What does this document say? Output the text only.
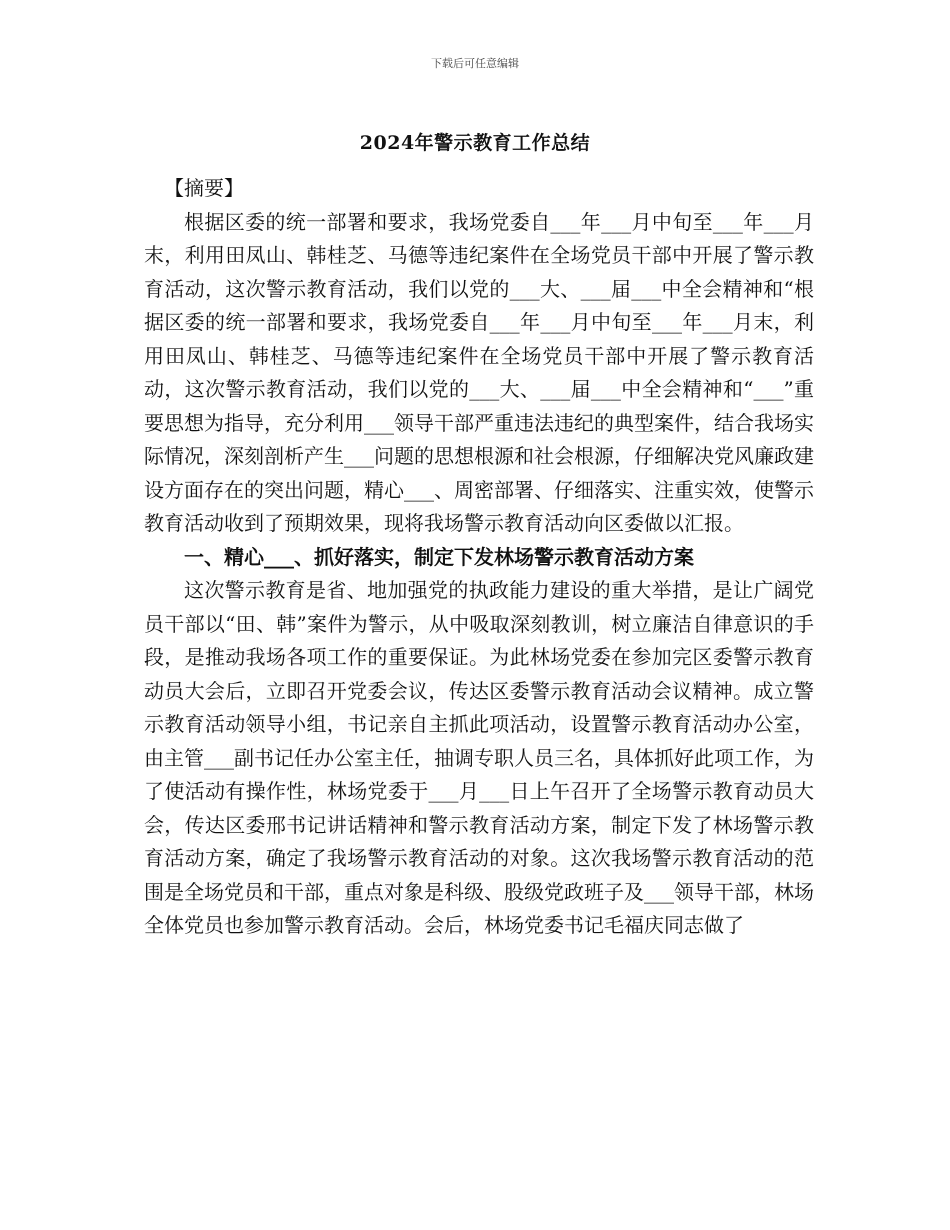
下载后可任意编辑
2024年警示教育工作总结

【摘要】

根据区委的统一部署和要求，我场党委自___年___月中旬至___年___月末，利用田凤山、韩桂芝、马德等违纪案件在全场党员干部中开展了警示教育活动，这次警示教育活动，我们以党的___大、___届___中全会精神和“根据区委的统一部署和要求，我场党委自___年___月中旬至___年___月末，利用田凤山、韩桂芝、马德等违纪案件在全场党员干部中开展了警示教育活动，这次警示教育活动，我们以党的___大、___届___中全会精神和“___”重要思想为指导，充分利用___领导干部严重违法违纪的典型案件，结合我场实际情况，深刻剖析产生___问题的思想根源和社会根源，仔细解决党风廉政建设方面存在的突出问题，精心___、周密部署、仔细落实、注重实效，使警示教育活动收到了预期效果，现将我场警示教育活动向区委做以汇报。

一、精心___、抓好落实，制定下发林场警示教育活动方案

这次警示教育是省、地加强党的执政能力建设的重大举措，是让广阔党员干部以“田、韩”案件为警示，从中吸取深刻教训，树立廉洁自律意识的手段，是推动我场各项工作的重要保证。为此林场党委在参加完区委警示教育动员大会后，立即召开党委会议，传达区委警示教育活动会议精神。成立警示教育活动领导小组，书记亲自主抓此项活动，设置警示教育活动办公室，由主管___副书记任办公室主任，抽调专职人员三名，具体抓好此项工作，为了使活动有操作性，林场党委于___月___日上午召开了全场警示教育动员大会，传达区委邢书记讲话精神和警示教育活动方案，制定下发了林场警示教育活动方案，确定了我场警示教育活动的对象。这次我场警示教育活动的范围是全场党员和干部，重点对象是科级、股级党政班子及___领导干部，林场全体党员也参加警示教育活动。会后，林场党委书记毛福庆同志做了
